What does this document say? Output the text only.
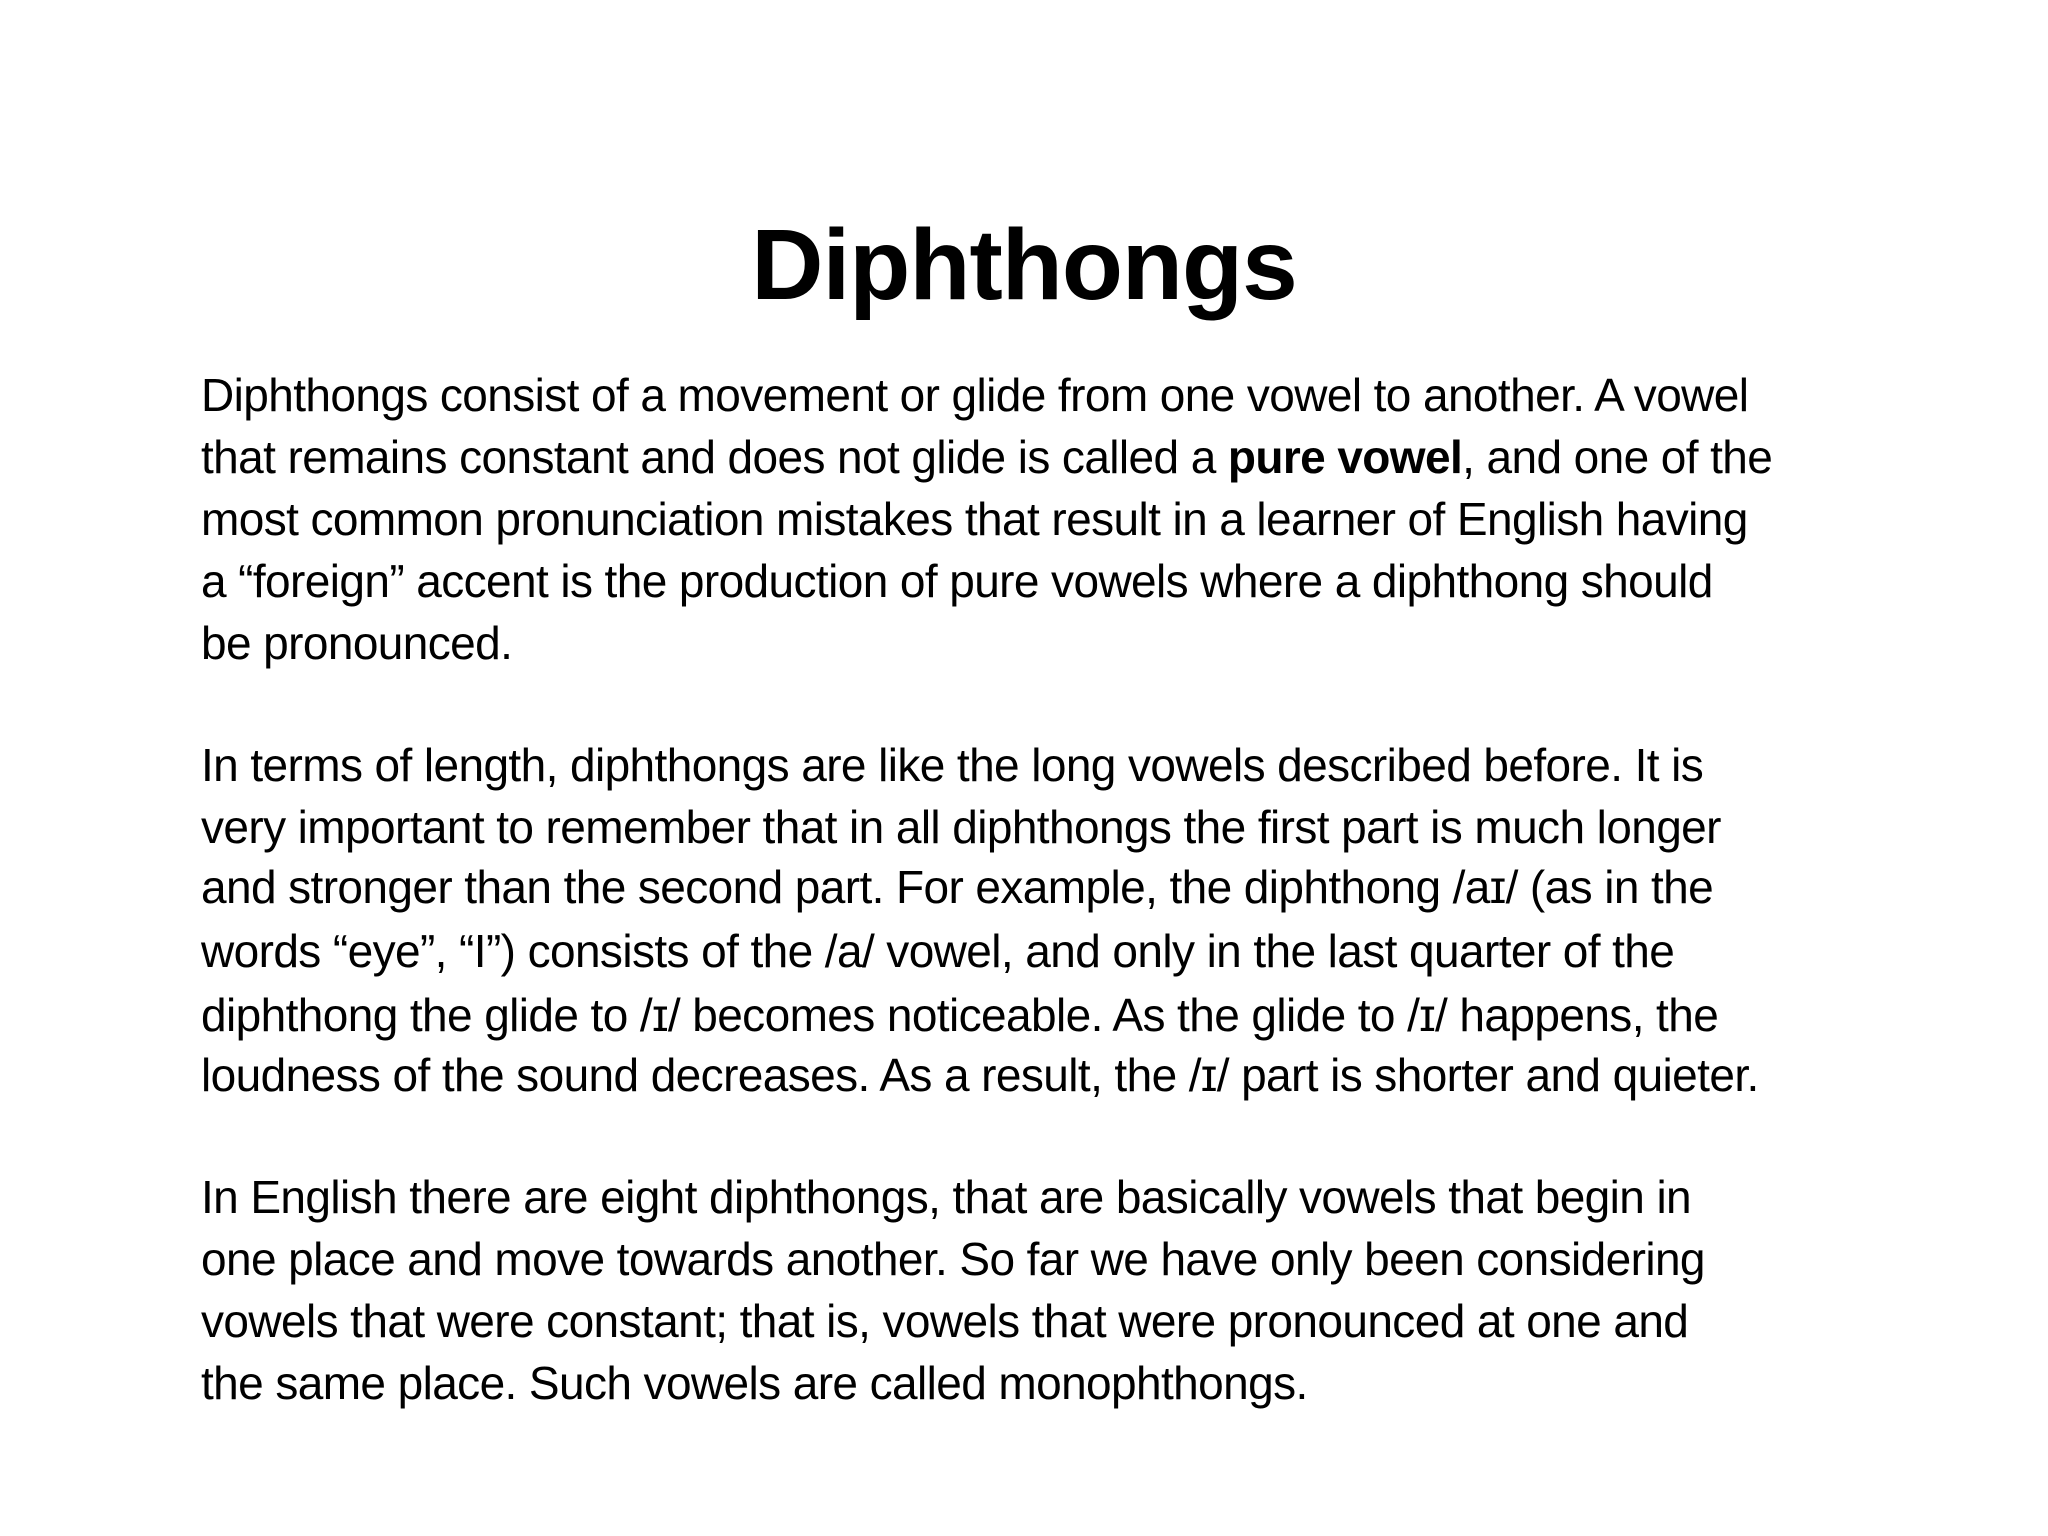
Diphthongs

Diphthongs consist of a movement or glide from one vowel to another. A vowel
that remains constant and does not glide is called a pure vowel, and one of the
most common pronunciation mistakes that result in a learner of English having
a “foreign” accent is the production of pure vowels where a diphthong should
be pronounced.

In terms of length, diphthongs are like the long vowels described before. It is
very important to remember that in all diphthongs the first part is much longer
and stronger than the second part. For example, the diphthong /aɪ/ (as in the
words “eye”, “I”) consists of the /a/ vowel, and only in the last quarter of the
diphthong the glide to /ɪ/ becomes noticeable. As the glide to /ɪ/ happens, the
loudness of the sound decreases. As a result, the /ɪ/ part is shorter and quieter.

In English there are eight diphthongs, that are basically vowels that begin in
one place and move towards another. So far we have only been considering
vowels that were constant; that is, vowels that were pronounced at one and
the same place. Such vowels are called monophthongs.
